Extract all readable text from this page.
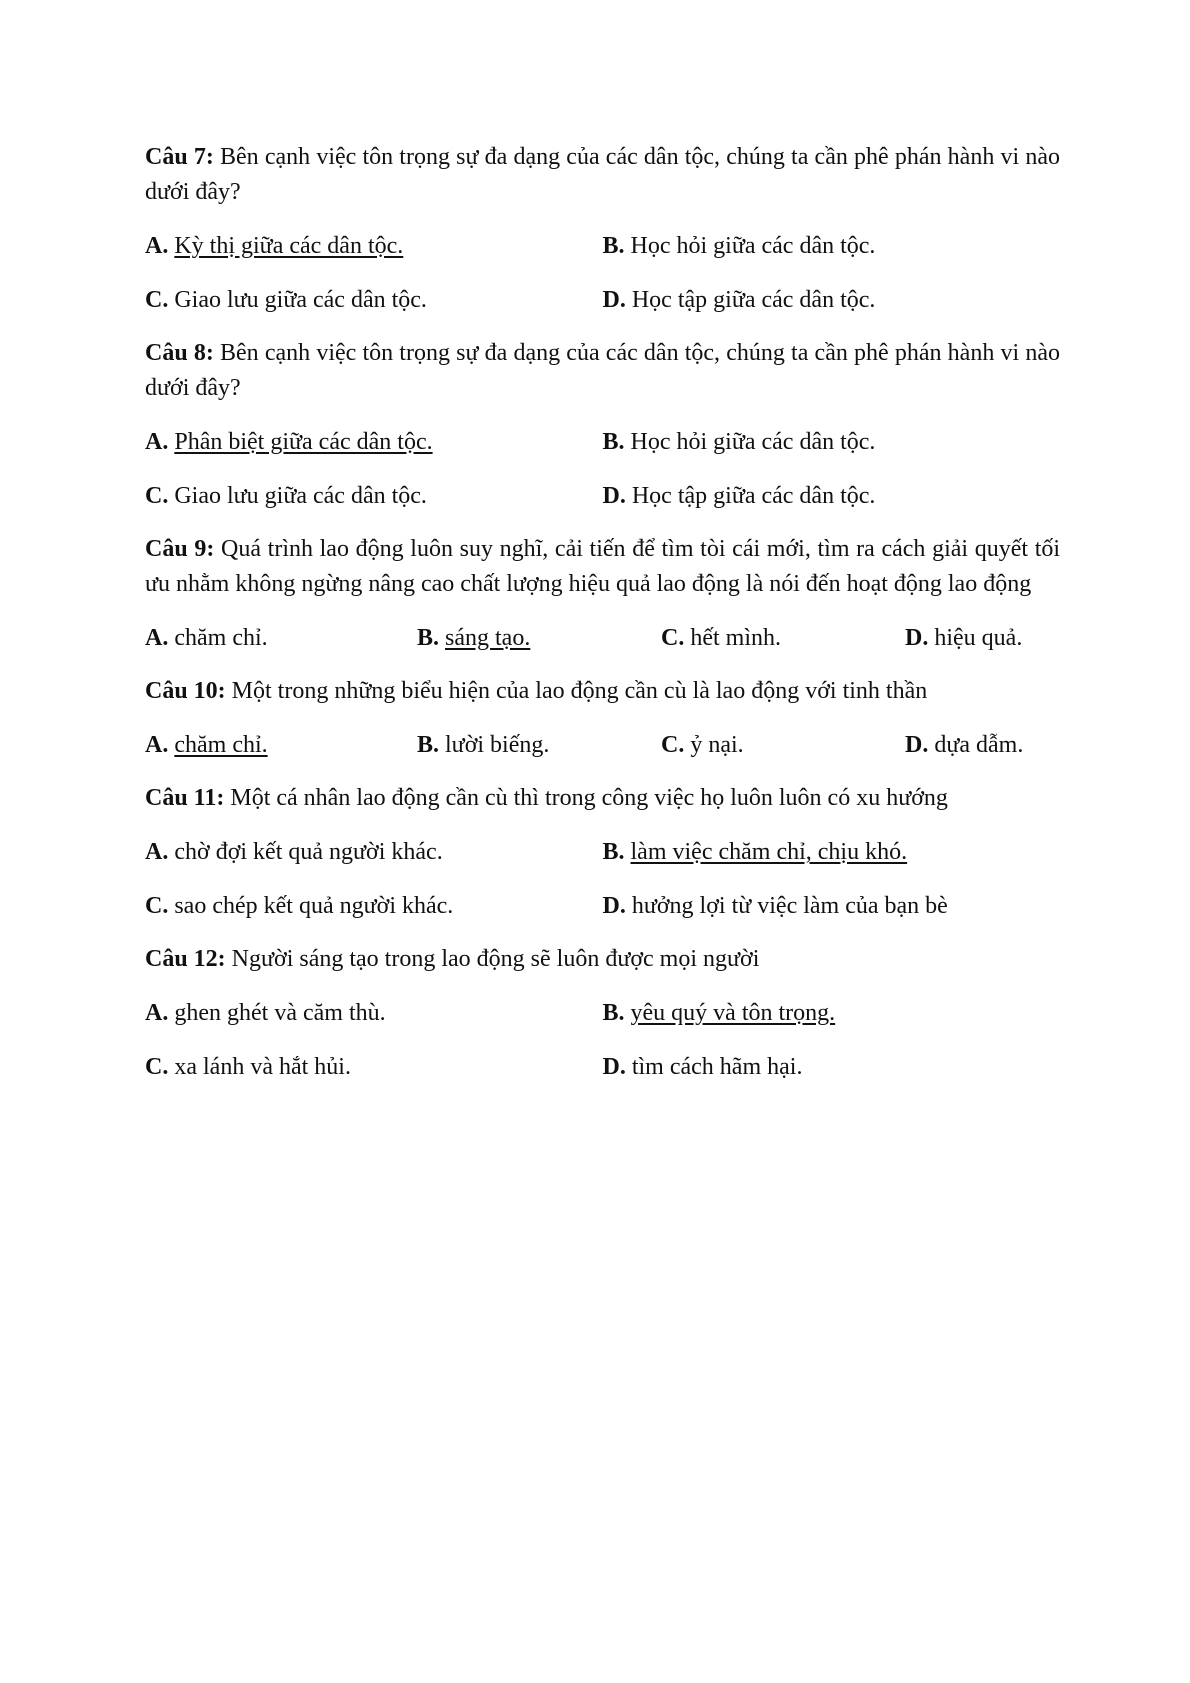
Câu 7: Bên cạnh việc tôn trọng sự đa dạng của các dân tộc, chúng ta cần phê phán hành vi nào dưới đây?
A. Kỳ thị giữa các dân tộc.	B. Học hỏi giữa các dân tộc.
C. Giao lưu giữa các dân tộc.	D. Học tập giữa các dân tộc.
Câu 8: Bên cạnh việc tôn trọng sự đa dạng của các dân tộc, chúng ta cần phê phán hành vi nào dưới đây?
A. Phân biệt giữa các dân tộc.	B. Học hỏi giữa các dân tộc.
C. Giao lưu giữa các dân tộc.	D. Học tập giữa các dân tộc.
Câu 9: Quá trình lao động luôn suy nghĩ, cải tiến để tìm tòi cái mới, tìm ra cách giải quyết tối ưu nhằm không ngừng nâng cao chất lượng hiệu quả lao động là nói đến hoạt động lao động
A. chăm chỉ.	B. sáng tạo.	C. hết mình.	D. hiệu quả.
Câu 10: Một trong những biểu hiện của lao động cần cù là lao động với tinh thần
A. chăm chỉ.	B. lười biếng.	C. ỷ nại.	D. dựa dẫm.
Câu 11: Một cá nhân lao động cần cù thì trong công việc họ luôn luôn có xu hướng
A. chờ đợi kết quả người khác.	B. làm việc chăm chỉ, chịu khó.
C. sao chép kết quả người khác.	D. hưởng lợi từ việc làm của bạn bè
Câu 12: Người sáng tạo trong lao động sẽ luôn được mọi người
A. ghen ghét và căm thù.	B. yêu quý và tôn trọng.
C. xa lánh và hắt hủi.	D. tìm cách hãm hại.
